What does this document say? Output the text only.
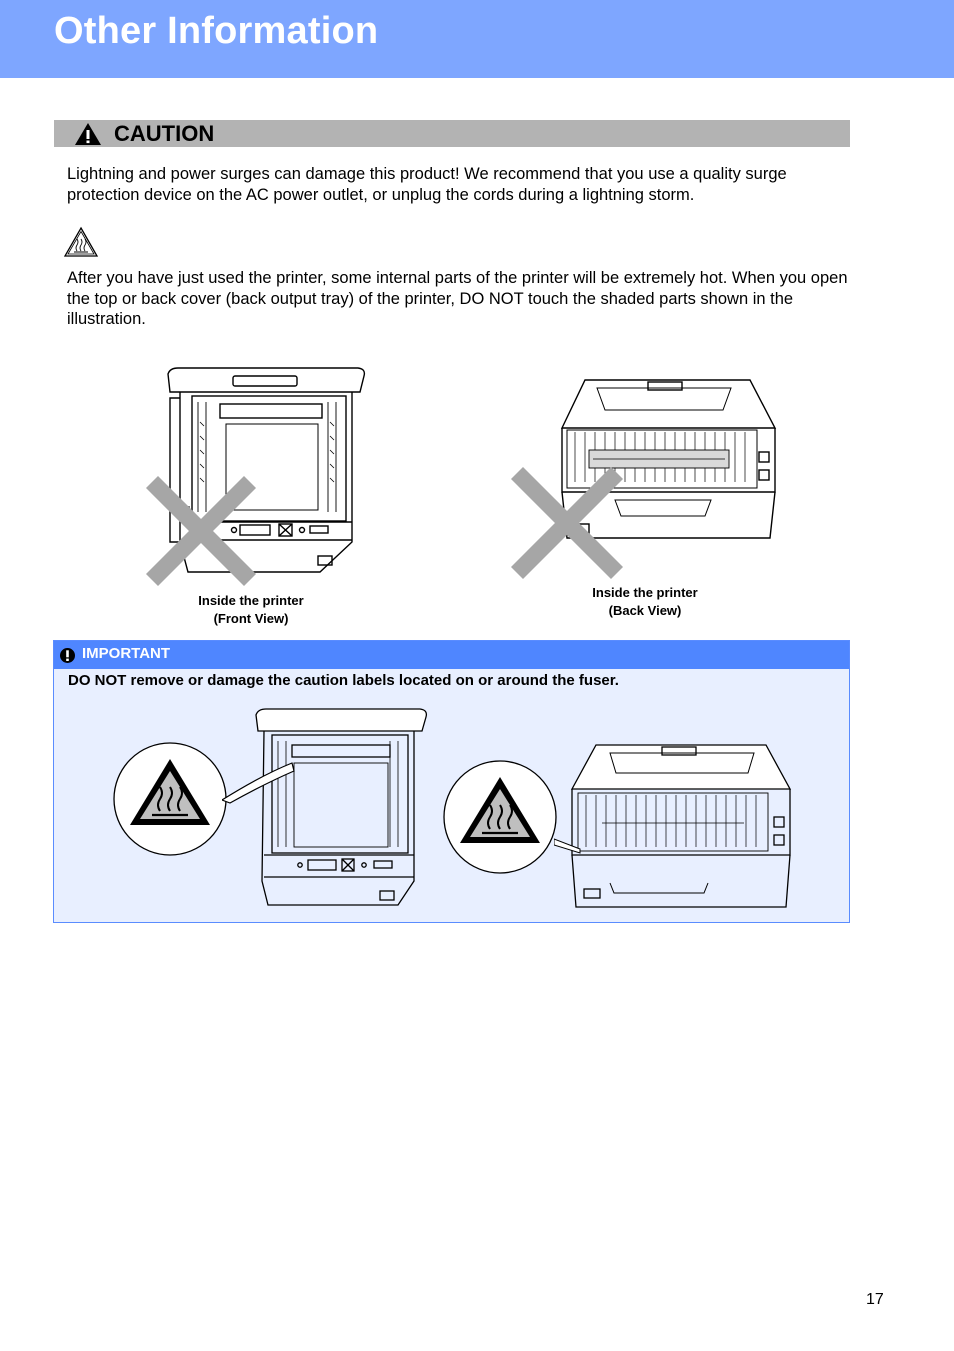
Other Information
CAUTION

Lightning and power surges can damage this product! We recommend that you use a quality surge protection device on the AC power outlet, or unplug the cords during a lightning storm.

After you have just used the printer, some internal parts of the printer will be extremely hot. When you open the top or back cover (back output tray) of the printer, DO NOT touch the shaded parts shown in the illustration.

Inside the printer
(Front View)
Inside the printer
(Back View)
IMPORTANT

DO NOT remove or damage the caution labels located on or around the fuser.

17
